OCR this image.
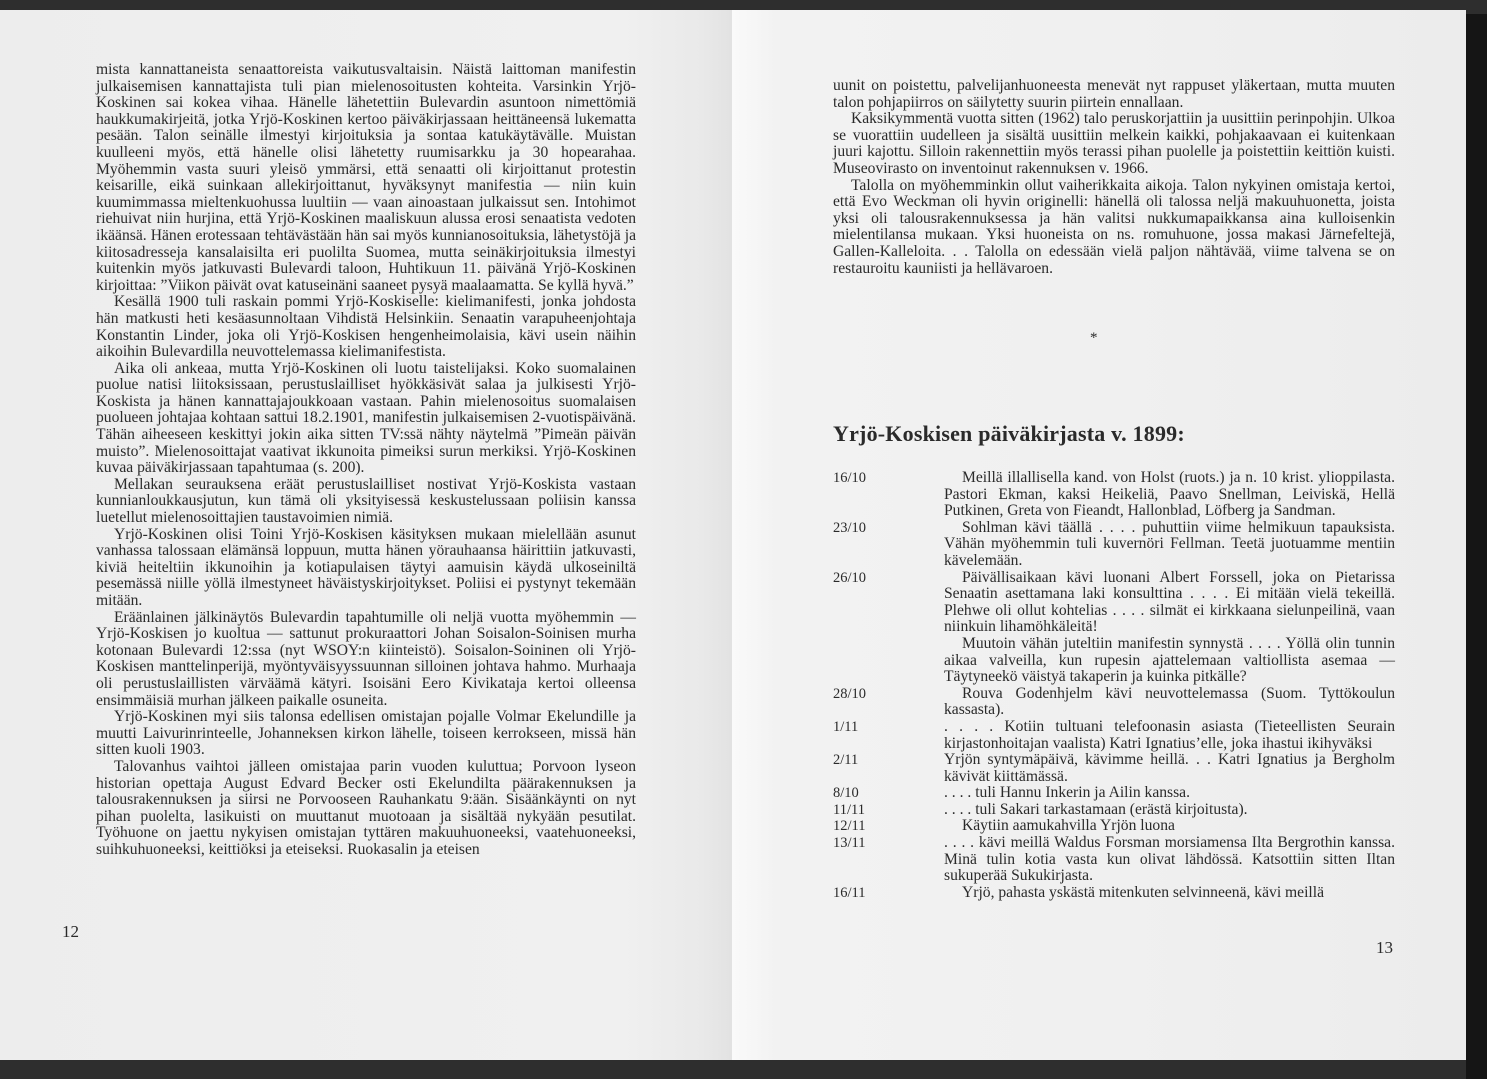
mista kannattaneista senaattoreista vaikutusvaltaisin. Näistä laittoman manifestin julkaisemisen kannattajista tuli pian mielenosoitusten kohteita. Varsinkin Yrjö-Koskinen sai kokea vihaa. Hänelle lähetettiin Bulevardin asuntoon nimettömiä haukkumakirjeitä, jotka Yrjö-Koskinen kertoo päiväkirjassaan heittäneensä lukematta pesään. Talon seinälle ilmestyi kirjoituksia ja sontaa katukäytävälle. Muistan kuulleeni myös, että hänelle olisi lähetetty ruumisarkku ja 30 hopearahaa. Myöhemmin vasta suuri yleisö ymmärsi, että senaatti oli kirjoittanut protestin keisarille, eikä suinkaan allekirjoittanut, hyväksynyt manifestia — niin kuin kuumimmassa mieltenkuohussa luultiin — vaan ainoastaan julkaissut sen. Intohimot riehuivat niin hurjina, että Yrjö-Koskinen maaliskuun alussa erosi senaatista vedoten ikäänsä. Hänen erotessaan tehtävästään hän sai myös kunnianosoituksia, lähetystöjä ja kiitosadresseja kansalaisilta eri puolilta Suomea, mutta seinäkirjoituksia ilmestyi kuitenkin myös jatkuvasti Bulevardi taloon, Huhtikuun 11. päivänä Yrjö-Koskinen kirjoittaa: ”Viikon päivät ovat katuseinäni saaneet pysyä maalaamatta. Se kyllä hyvä.”

Kesällä 1900 tuli raskain pommi Yrjö-Koskiselle: kielimanifesti, jonka johdosta hän matkusti heti kesäasunnoltaan Vihdistä Helsinkiin. Senaatin varapuheenjohtaja Konstantin Linder, joka oli Yrjö-Koskisen hengenheimolaisia, kävi usein näihin aikoihin Bulevardilla neuvottelemassa kielimanifestista.

Aika oli ankeaa, mutta Yrjö-Koskinen oli luotu taistelijaksi. Koko suomalainen puolue natisi liitoksissaan, perustuslailliset hyökkäsivät salaa ja julkisesti Yrjö-Koskista ja hänen kannattajajoukkoaan vastaan. Pahin mielenosoitus suomalaisen puolueen johtajaa kohtaan sattui 18.2.1901, manifestin julkaisemisen 2-vuotispäivänä. Tähän aiheeseen keskittyi jokin aika sitten TV:ssä nähty näytelmä ”Pimeän päivän muisto”. Mielenosoittajat vaativat ikkunoita pimeiksi surun merkiksi. Yrjö-Koskinen kuvaa päiväkirjassaan tapahtumaa (s. 200).

Mellakan seurauksena eräät perustuslailliset nostivat Yrjö-Koskista vastaan kunnianloukkausjutun, kun tämä oli yksityisessä keskustelussaan poliisin kanssa luetellut mielenosoittajien taustavoimien nimiä.

Yrjö-Koskinen olisi Toini Yrjö-Koskisen käsityksen mukaan mielellään asunut vanhassa talossaan elämänsä loppuun, mutta hänen yörauhaansa häirittiin jatkuvasti, kiviä heiteltiin ikkunoihin ja kotiapulaisen täytyi aamuisin käydä ulkoseiniltä pesemässä niille yöllä ilmestyneet häväistyskirjoitykset. Poliisi ei pystynyt tekemään mitään.

Eräänlainen jälkinäytös Bulevardin tapahtumille oli neljä vuotta myöhemmin — Yrjö-Koskisen jo kuoltua — sattunut prokuraattori Johan Soisalon-Soinisen murha kotonaan Bulevardi 12:ssa (nyt WSOY:n kiinteistö). Soisalon-Soininen oli Yrjö-Koskisen manttelinperijä, myöntyväisyyssuunnan silloinen johtava hahmo. Murhaaja oli perustuslaillisten värväämä kätyri. Isoisäni Eero Kivikataja kertoi olleensa ensimmäisiä murhan jälkeen paikalle osuneita.

Yrjö-Koskinen myi siis talonsa edellisen omistajan pojalle Volmar Ekelundille ja muutti Laivurinrinteelle, Johanneksen kirkon lähelle, toiseen kerrokseen, missä hän sitten kuoli 1903.

Talovanhus vaihtoi jälleen omistajaa parin vuoden kuluttua; Porvoon lyseon historian opettaja August Edvard Becker osti Ekelundilta päärakennuksen ja talousrakennuksen ja siirsi ne Porvooseen Rauhankatu 9:ään. Sisäänkäynti on nyt pihan puolelta, lasikuisti on muuttanut muotoaan ja sisältää nykyään pesutilat. Työhuone on jaettu nykyisen omistajan tyttären makuuhuoneeksi, vaatehuoneeksi, suihkuhuoneeksi, keittiöksi ja eteiseksi. Ruokasalin ja eteisen

12

uunit on poistettu, palvelijanhuoneesta menevät nyt rappuset yläkertaan, mutta muuten talon pohjapiirros on säilytetty suurin piirtein ennallaan.

Kaksikymmentä vuotta sitten (1962) talo peruskorjattiin ja uusittiin perinpohjin. Ulkoa se vuorattiin uudelleen ja sisältä uusittiin melkein kaikki, pohjakaavaan ei kuitenkaan juuri kajottu. Silloin rakennettiin myös terassi pihan puolelle ja poistettiin keittiön kuisti. Museovirasto on inventoinut rakennuksen v. 1966.

Talolla on myöhemminkin ollut vaiherikkaita aikoja. Talon nykyinen omistaja kertoi, että Evo Weckman oli hyvin originelli: hänellä oli talossa neljä makuuhuonetta, joista yksi oli talousrakennuksessa ja hän valitsi nukkumapaikkansa aina kulloisenkin mielentilansa mukaan. Yksi huoneista on ns. romuhuone, jossa makasi Järnefeltejä, Gallen-Kalleloita. . . Talolla on edessään vielä paljon nähtävää, viime talvena se on restauroitu kauniisti ja hellävaroen.

*
Yrjö-Koskisen päiväkirjasta v. 1899:
16/10	Meillä illallisella kand. von Holst (ruots.) ja n. 10 krist. ylioppilasta. Pastori Ekman, kaksi Heikeliä, Paavo Snellman, Leiviskä, Hellä Putkinen, Greta von Fieandt, Hallonblad, Löfberg ja Sandman.

23/10	Sohlman kävi täällä . . . . puhuttiin viime helmikuun tapauksista. Vähän myöhemmin tuli kuvernöri Fellman. Teetä juotuamme mentiin kävelemään.

26/10	Päivällisaikaan kävi luonani Albert Forssell, joka on Pietarissa Senaatin asettamana laki konsulttina . . . . Ei mitään vielä tekeillä. Plehwe oli ollut kohtelias . . . . silmät ei kirkkaana sielunpeilinä, vaan niinkuin lihamöhkäleitä!

Muutoin vähän juteltiin manifestin synnystä . . . . Yöllä olin tunnin aikaa valveilla, kun rupesin ajattelemaan valtiollista asemaa — Täytyneekö väistyä takaperin ja kuinka pitkälle?

28/10	Rouva Godenhjelm kävi neuvottelemassa (Suom. Tyttökoulun kassasta).

1/11	. . . . Kotiin tultuani telefoonasin asiasta (Tieteellisten Seurain kirjastonhoitajan vaalista) Katri Ignatius’elle, joka ihastui ikihyväksi

2/11	Yrjön syntymäpäivä, kävimme heillä. . . Katri Ignatius ja Bergholm kävivät kiittämässä.

8/10	. . . . tuli Hannu Inkerin ja Ailin kanssa.

11/11	. . . . tuli Sakari tarkastamaan (erästä kirjoitusta).

12/11	Käytiin aamukahvilla Yrjön luona

13/11	. . . . kävi meillä Waldus Forsman morsiamensa Ilta Bergrothin kanssa. Minä tulin kotia vasta kun olivat lähdössä. Katsottiin sitten Iltan sukuperää Sukukirjasta.

16/11	Yrjö, pahasta yskästä mitenkuten selvinneenä, kävi meillä

13
